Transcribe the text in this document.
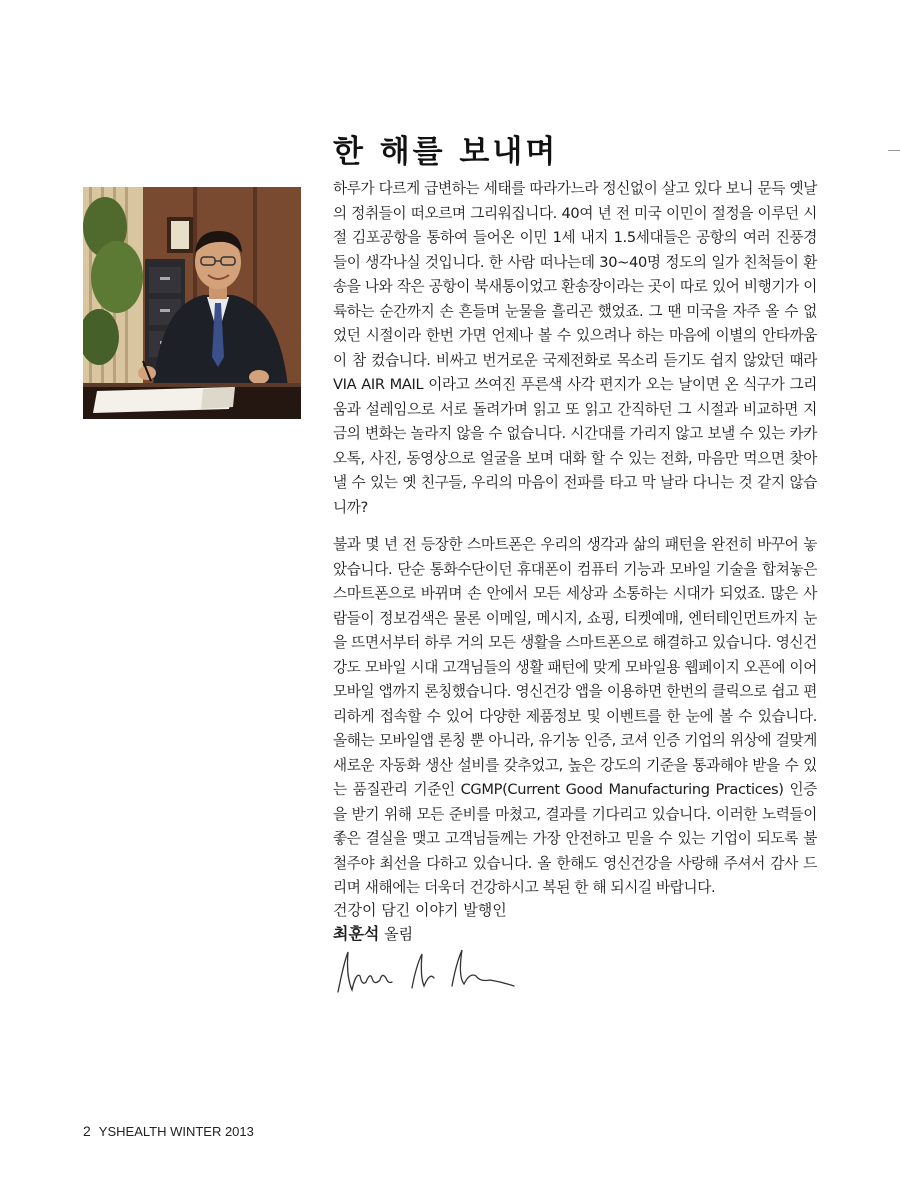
한 해를 보내며

하루가 다르게 급변하는 세태를 따라가느라 정신없이 살고 있다 보니 문득 옛날의 정취들이 떠오르며 그리워집니다. 40여 년 전 미국 이민이 절정을 이루던 시절 김포공항을 통하여 들어온 이민 1세 내지 1.5세대들은 공항의 여러 진풍경들이 생각나실 것입니다. 한 사람 떠나는데 30~40명 정도의 일가 친척들이 환송을 나와 작은 공항이 북새통이었고 환송장이라는 곳이 따로 있어 비행기가 이륙하는 순간까지 손 흔들며 눈물을 흘리곤 했었죠. 그 땐 미국을 자주 올 수 없었던 시절이라 한번 가면 언제나 볼 수 있으려나 하는 마음에 이별의 안타까움이 참 컸습니다. 비싸고 번거로운 국제전화로 목소리 듣기도 쉽지 않았던 때라 VIA AIR MAIL 이라고 쓰여진 푸른색 사각 편지가 오는 날이면 온 식구가 그리움과 설레임으로 서로 돌려가며 읽고 또 읽고 간직하던 그 시절과 비교하면 지금의 변화는 놀라지 않을 수 없습니다. 시간대를 가리지 않고 보낼 수 있는 카카오톡, 사진, 동영상으로 얼굴을 보며 대화 할 수 있는 전화, 마음만 먹으면 찾아낼 수 있는 옛 친구들, 우리의 마음이 전파를 타고 막 날라 다니는 것 같지 않습니까?

불과 몇 년 전 등장한 스마트폰은 우리의 생각과 삶의 패턴을 완전히 바꾸어 놓았습니다. 단순 통화수단이던 휴대폰이 컴퓨터 기능과 모바일 기술을 합쳐놓은 스마트폰으로 바뀌며 손 안에서 모든 세상과 소통하는 시대가 되었죠. 많은 사람들이 정보검색은 물론 이메일, 메시지, 쇼핑, 티켓예매, 엔터테인먼트까지 눈을 뜨면서부터 하루 거의 모든 생활을 스마트폰으로 해결하고 있습니다. 영신건강도 모바일 시대 고객님들의 생활 패턴에 맞게 모바일용 웹페이지 오픈에 이어 모바일 앱까지 론칭했습니다. 영신건강 앱을 이용하면 한번의 클릭으로 쉽고 편리하게 접속할 수 있어 다양한 제품정보 및 이벤트를 한 눈에 볼 수 있습니다. 올해는 모바일앱 론칭 뿐 아니라, 유기농 인증, 코셔 인증 기업의 위상에 걸맞게 새로운 자동화 생산 설비를 갖추었고, 높은 강도의 기준을 통과해야 받을 수 있는 품질관리 기준인 CGMP(Current Good Manufacturing Practices) 인증을 받기 위해 모든 준비를 마쳤고, 결과를 기다리고 있습니다. 이러한 노력들이 좋은 결실을 맺고 고객님들께는 가장 안전하고 믿을 수 있는 기업이 되도록 불철주야 최선을 다하고 있습니다. 올 한해도 영신건강을 사랑해 주셔서 감사 드리며 새해에는 더욱더 건강하시고 복된 한 해 되시길 바랍니다.

건강이 담긴 이야기 발행인
최훈석 올림
2 YSHEALTH WINTER 2013
